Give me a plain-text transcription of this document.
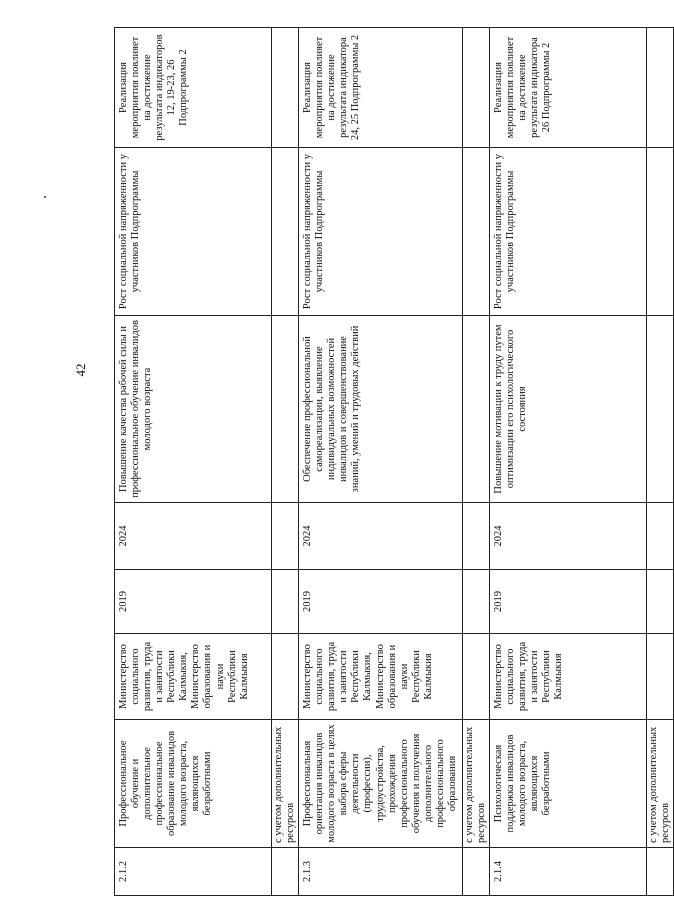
42
2.1.2	Профессиональное обучение и дополнительное профессиональное образование инвалидов молодого возраста, являющихся безработными	Министерство социального развития, труда и занятости Республики Калмыкия, Министерство образования и науки Республики Калмыкия	2019	2024	Повышение качества рабочей силы и профессиональное обучение инвалидов молодого возраста	Рост социальной напряженности у участников Подпрограммы	Реализация мероприятия повлияет на достижение результата индикаторов 12, 19-23, 26 Подпрограммы 2
	с учетом дополнительных ресурсов						
2.1.3	Профессиональная ориентация инвалидов молодого возраста в целях выбора сферы деятельности (профессии), трудоустройства, прохождения профессионального обучения и получения дополнительного профессионального образования	Министерство социального развития, труда и занятости Республики Калмыкия, Министерство образования и науки Республики Калмыкия	2019	2024	Обеспечение профессиональной самореализации, выявление индивидуальных возможностей инвалидов и совершенствование знаний, умений и трудовых действий	Рост социальной напряженности у участников Подпрограммы	Реализация мероприятия повлияет на достижение результата индикатора 24, 25 Подпрограммы 2
	с учетом дополнительных ресурсов						
2.1.4	Психологическая поддержка инвалидов молодого возраста, являющихся безработными	Министерство социального развития, труда и занятости Республики Калмыкия	2019	2024	Повышение мотивации к труду путем оптимизации его психологического состояния	Рост социальной напряженности у участников Подпрограммы	Реализация мероприятия повлияет на достижение результата индикатора 26 Подпрограммы 2
	с учетом дополнительных ресурсов						
